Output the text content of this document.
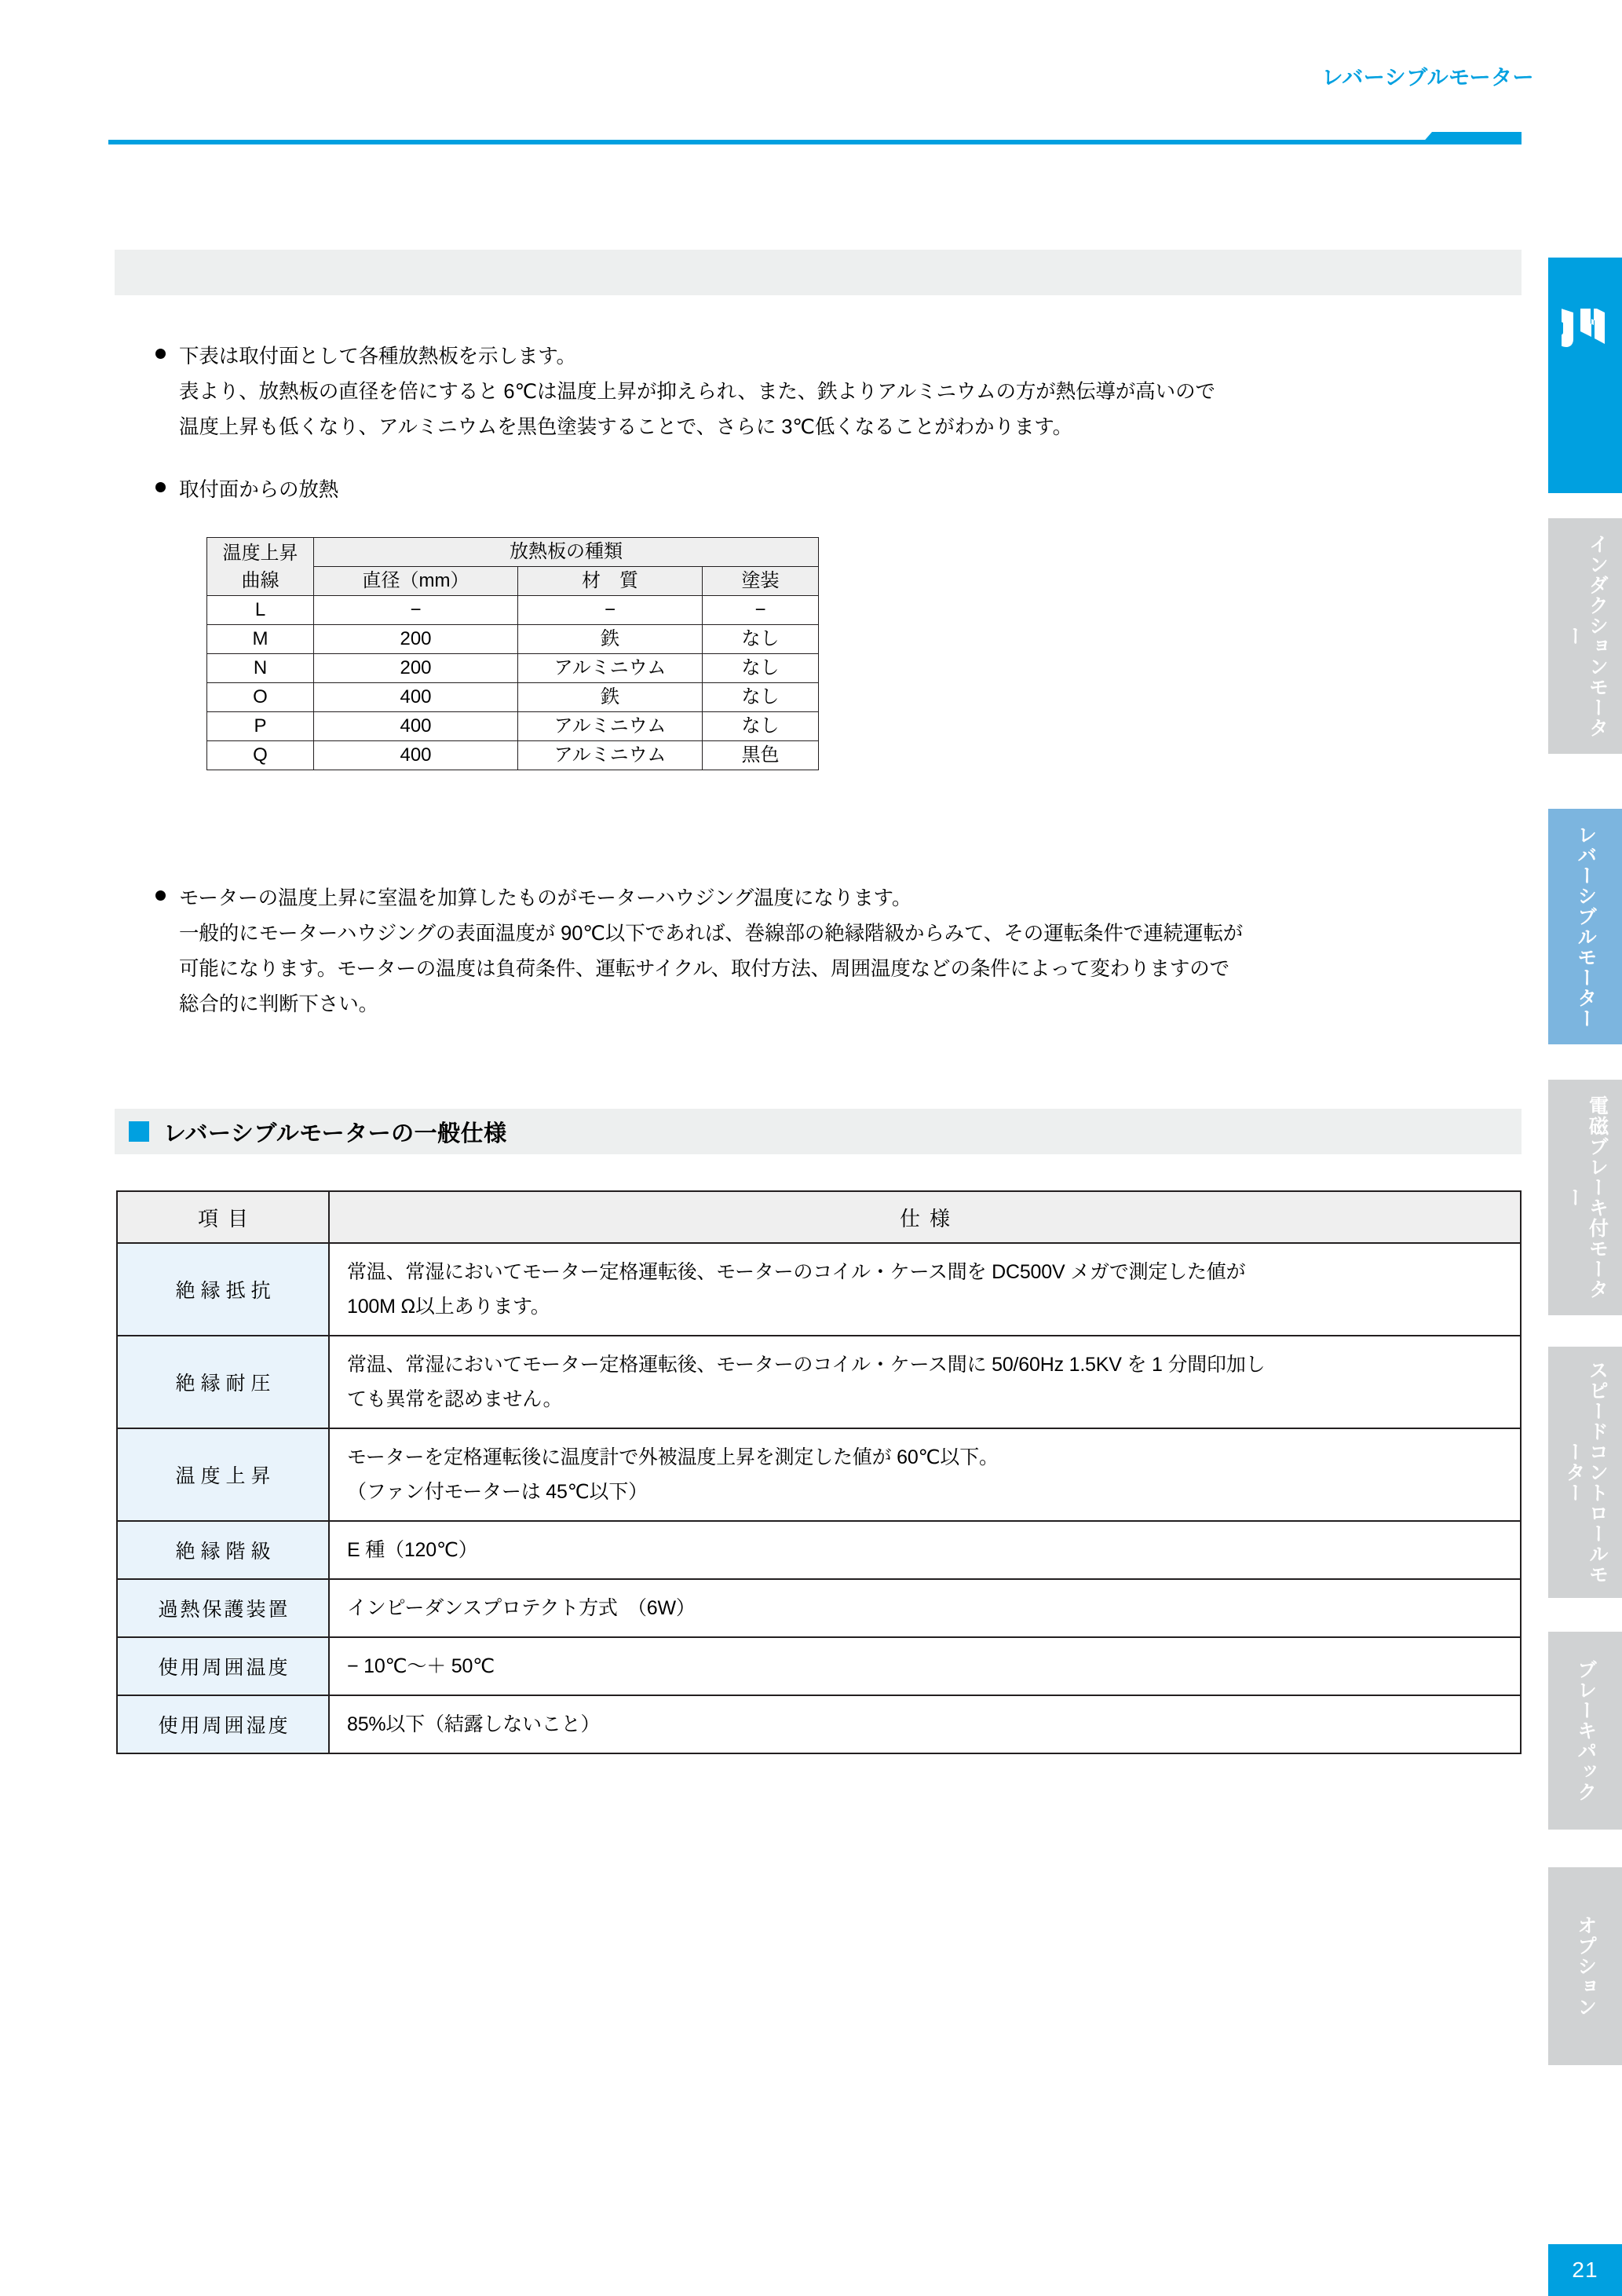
レバーシブルモーター

下表は取付面として各種放熱板を示します。

表より、放熱板の直径を倍にすると 6℃は温度上昇が抑えられ、また、鉄よりアルミニウムの方が熱伝導が高いので

温度上昇も低くなり、アルミニウムを黒色塗装することで、さらに 3℃低くなることがわかります。

取付面からの放熱

温度上昇
曲線	放熱板の種類		
	直径（mm）	材　質	塗装
L	−	−	−
M	200	鉄	なし
N	200	アルミニウム	なし
O	400	鉄	なし
P	400	アルミニウム	なし
Q	400	アルミニウム	黒色

モーターの温度上昇に室温を加算したものがモーターハウジング温度になります。

一般的にモーターハウジングの表面温度が 90℃以下であれば、巻線部の絶縁階級からみて、その運転条件で連続運転が

可能になります。モーターの温度は負荷条件、運転サイクル、取付方法、周囲温度などの条件によって変わりますので

総合的に判断下さい。

レバーシブルモーターの一般仕様
項目	仕様
絶縁抵抗	常温、常湿においてモーター定格運転後、モーターのコイル・ケース間を DC500V メガで測定した値が

100M Ω以上あります。

絶縁耐圧	常温、常湿においてモーター定格運転後、モーターのコイル・ケース間に 50/60Hz 1.5KV を 1 分間印加し

ても異常を認めません。

温度上昇	モーターを定格運転後に温度計で外被温度上昇を測定した値が 60℃以下。

（ファン付モーターは 45℃以下）

絶縁階級	E 種（120℃）

過熱保護装置	インピーダンスプロテクト方式　（6W）

使用周囲温度	− 10℃〜＋ 50℃

使用周囲湿度	85%以下（結露しないこと）

インダクションモーター
レバーシブルモーター
電磁ブレーキ付モーター
スピードコントロールモーター
ブレーキパック
オプション
21
